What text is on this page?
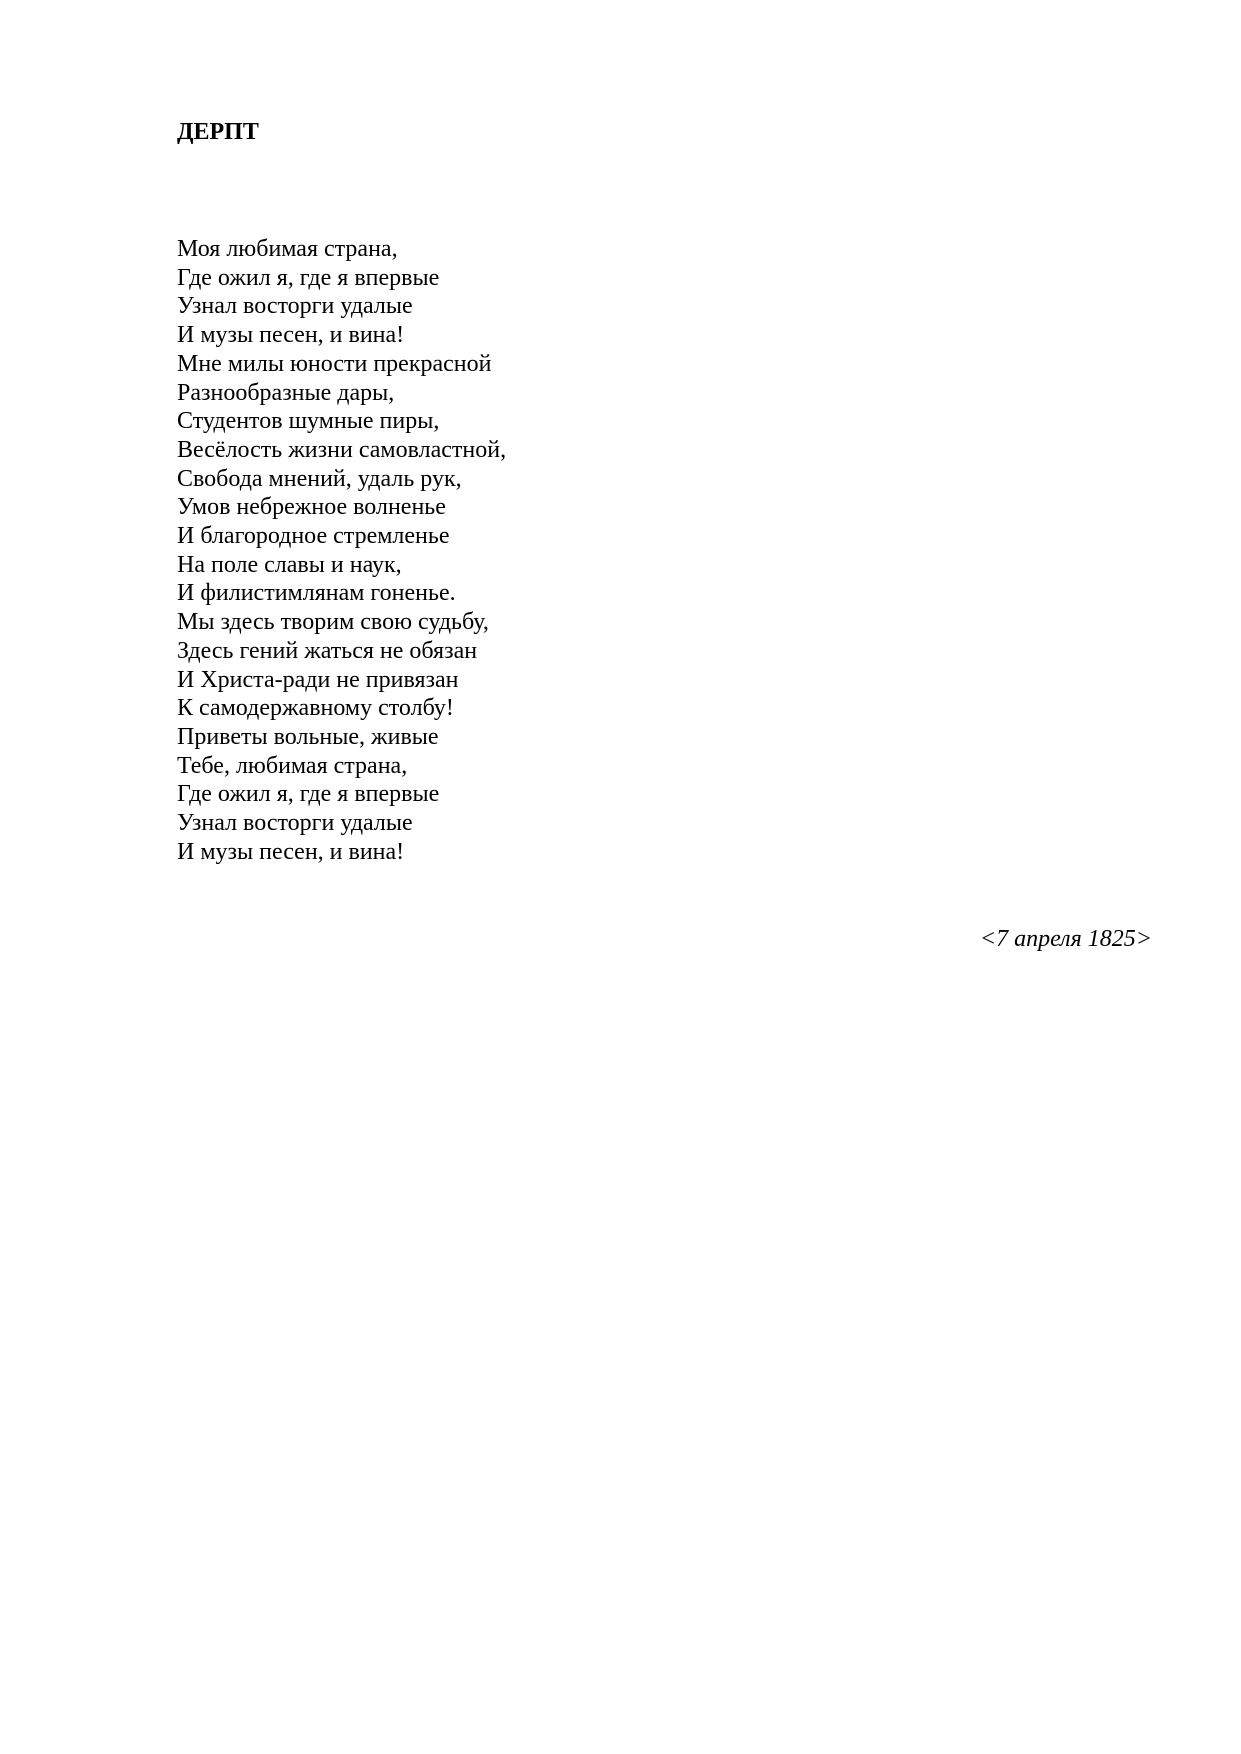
ДЕРПТ
Моя любимая страна,
Где ожил я, где я впервые
Узнал восторги удалые
И музы песен, и вина!
Мне милы юности прекрасной
Разнообразные дары,
Студентов шумные пиры,
Весёлость жизни самовластной,
Свобода мнений, удаль рук,
Умов небрежное волненье
И благородное стремленье
На поле славы и наук,
И филистимлянам гоненье.
Мы здесь творим свою судьбу,
Здесь гений жаться не обязан
И Христа-ради не привязан
К самодержавному столбу!
Приветы вольные, живые
Тебе, любимая страна,
Где ожил я, где я впервые
Узнал восторги удалые
И музы песен, и вина!
<7 апреля 1825>
